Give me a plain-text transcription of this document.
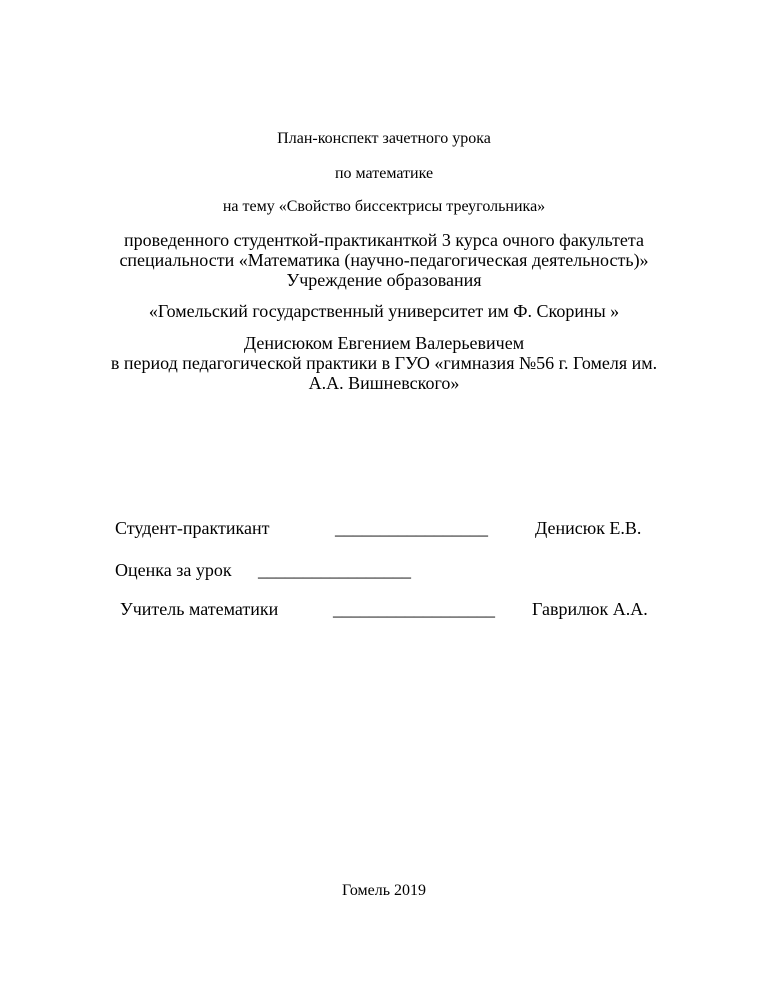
План-конспект зачетного урока
по математике
на тему «Свойство биссектрисы треугольника»
проведенного студенткой-практиканткой 3 курса очного факультета
специальности «Математика (научно-педагогическая деятельность)»
Учреждение образования
«Гомельский государственный университет им Ф. Скорины »
Денисюком Евгением Валерьевичем
в период педагогической практики в ГУО «гимназия №56 г. Гомеля им.
А.А. Вишневского»
Студент-практикант	_________________	Денисюк Е.В.
Оценка за урок _________________
Учитель математики	__________________ Гаврилюк А.А.
Гомель 2019
